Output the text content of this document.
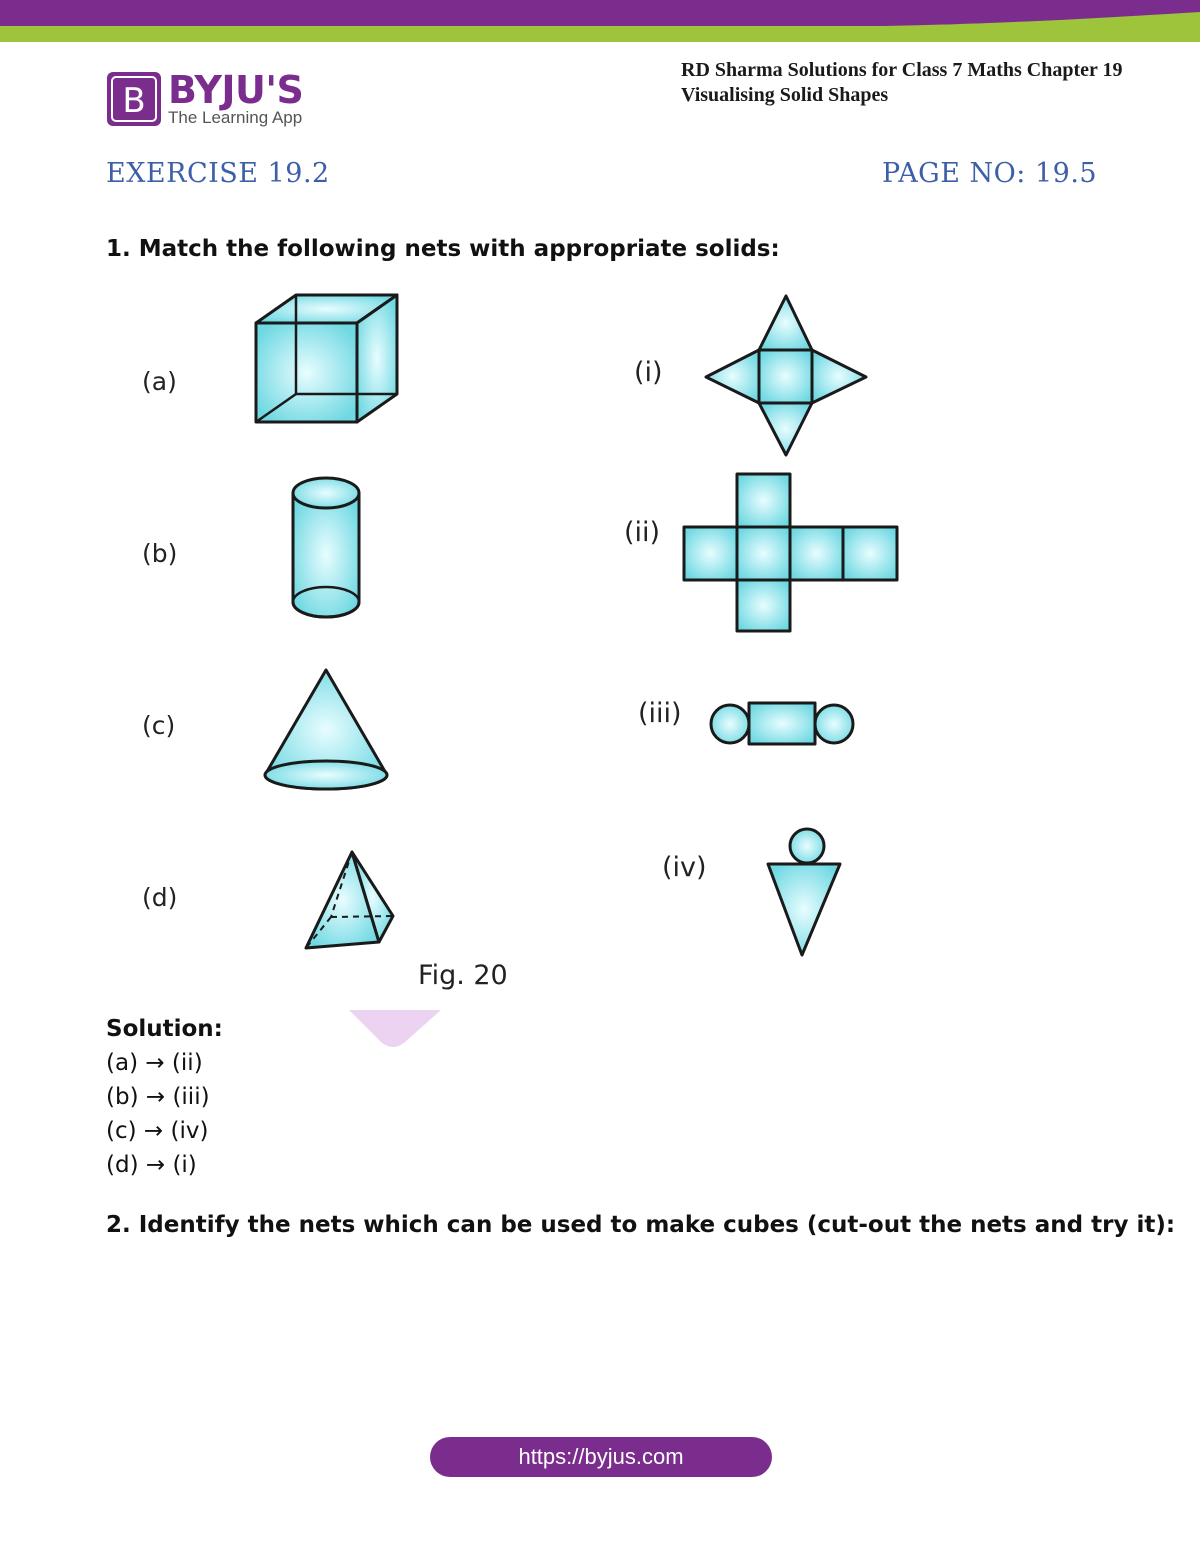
B BYJU'S
The Learning App
RD Sharma Solutions for Class 7 Maths Chapter 19
Visualising Solid Shapes
EXERCISE 19.2	PAGE NO: 19.5
1. Match the following nets with appropriate solids:
(a)
(b)
(c)
(d)
(i)
(ii)
(iii)
(iv)
Fig. 20
Solution:
(a) → (ii)
(b) → (iii)
(c) → (iv)
(d) → (i)
2. Identify the nets which can be used to make cubes (cut-out the nets and try it):
https://byjus.com
